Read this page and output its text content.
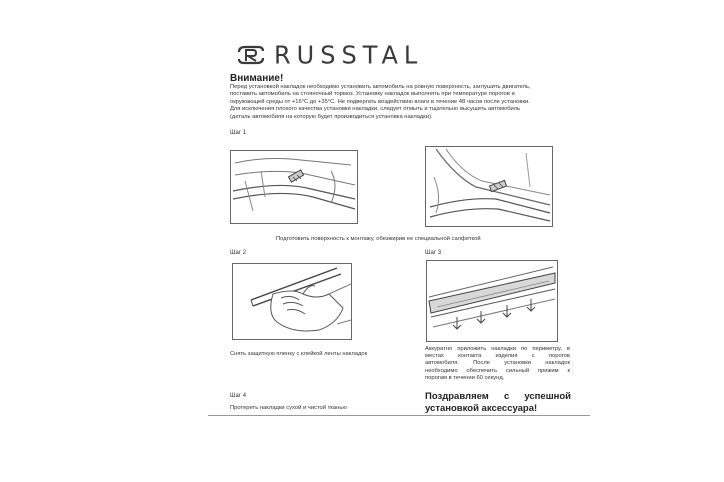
RUSSTAL
Внимание!
Перед установкой накладок необходимо установить автомобиль на ровную поверхность, заглушить двигатель,
поставить автомобиль на стояночный тормоз. Установку накладок выполнять при температуре порогов и
окружающей среды от +16°С до +35°С. Не подвергать воздействию влаги в течение 48 часов после установки.
Для исключения плохого качества установки накладки, следует отмыть и тщательно высушить автомобиль
(деталь автомобиля на которую будет производиться установка накладки).
Шаг 1
Подготовить поверхность к монтажу, обезжирив ее специальной салфеткой
Шаг 2
Снять защитную пленку с клейкой ленты накладок
Шаг 3
Аккуратно приложить накладки по периметру, в
местах контакта изделия с порогов
автомобиля. После установки накладок
необходимо обеспечить сильный прижим к
порогам в течении 60 секунд.
Шаг 4
Протереть накладки сухой и чистой тканью
Поздравляем с успешной
установкой аксессуара!
